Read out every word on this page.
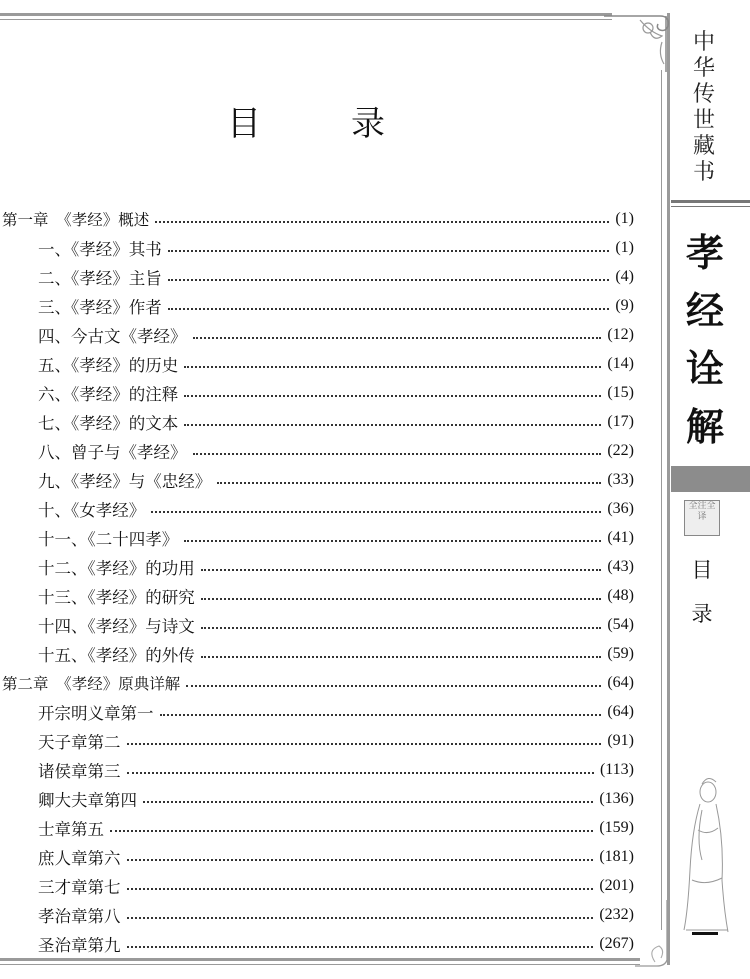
目　录
第一章　《孝经》概述	(1)
一、《孝经》其书	(1)
二、《孝经》主旨	(4)
三、《孝经》作者	(9)
四、今古文《孝经》	(12)
五、《孝经》的历史	(14)
六、《孝经》的注释	(15)
七、《孝经》的文本	(17)
八、曾子与《孝经》	(22)
九、《孝经》与《忠经》	(33)
十、《女孝经》	(36)
十一、《二十四孝》	(41)
十二、《孝经》的功用	(43)
十三、《孝经》的研究	(48)
十四、《孝经》与诗文	(54)
十五、《孝经》的外传	(59)
第二章　《孝经》原典详解	(64)
开宗明义章第一	(64)
天子章第二	(91)
诸侯章第三	(113)
卿大夫章第四	(136)
士章第五	(159)
庶人章第六	(181)
三才章第七	(201)
孝治章第八	(232)
圣治章第九	(267)
中
华
传
世
藏
书
孝
经
诠
解
全注全译
目
录
